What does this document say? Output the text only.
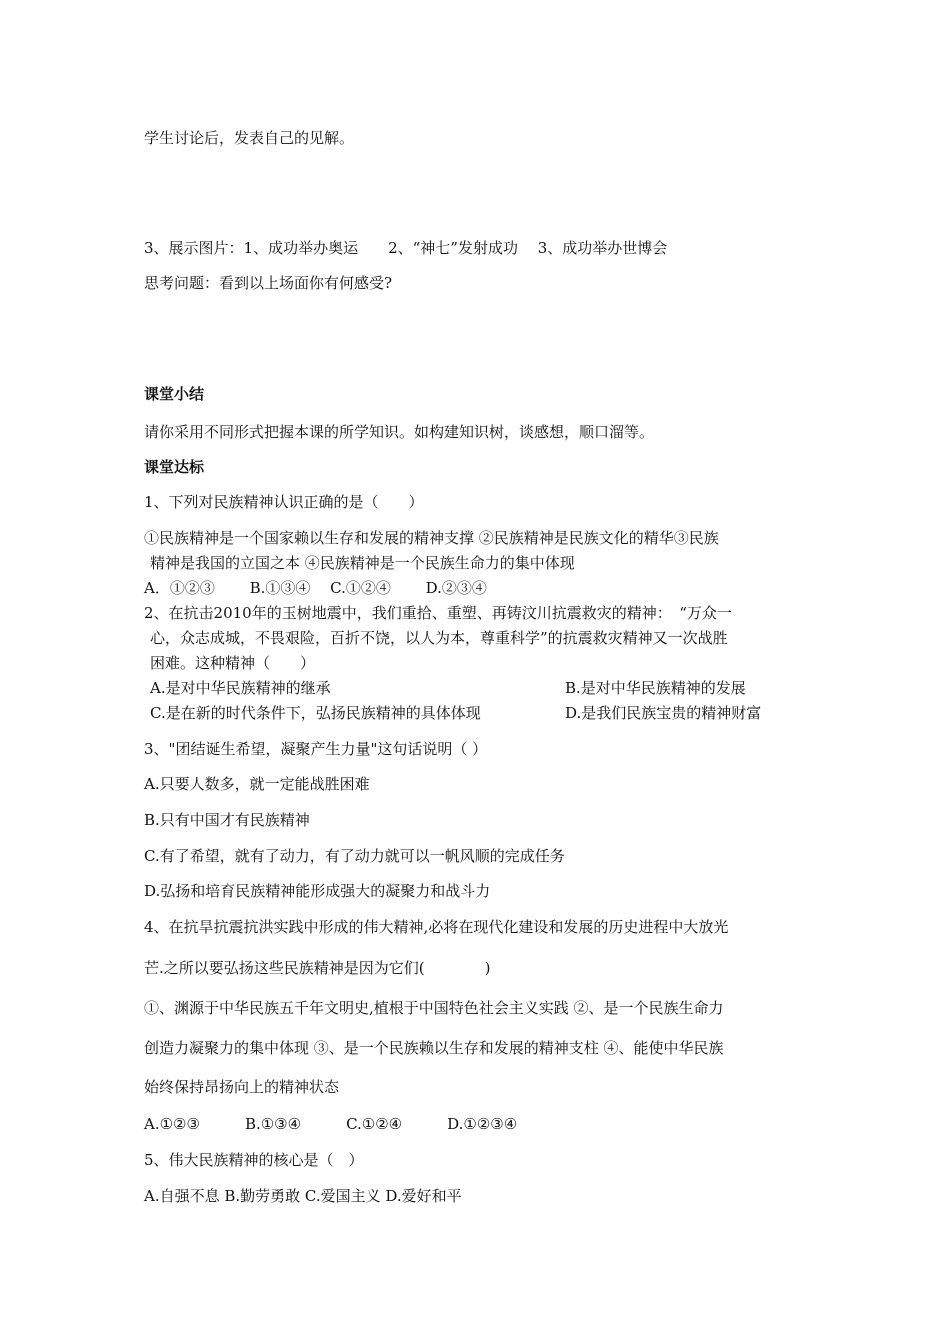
学生讨论后，发表自己的见解。
3、展示图片：1、成功举办奥运　　2、“神七”发射成功　 3、成功举办世博会
思考问题：看到以上场面你有何感受?
课堂小结
请你采用不同形式把握本课的所学知识。如构建知识树，谈感想，顺口溜等。
课堂达标
1、下列对民族精神认识正确的是（　　）
①民族精神是一个国家赖以生存和发展的精神支撑 ②民族精神是民族文化的精华③民族
精神是我国的立国之本 ④民族精神是一个民族生命力的集中体现
A．①②③　　 B.①③④　 C.①②④　　 D.②③④
2、在抗击2010年的玉树地震中，我们重拾、重塑、再铸汶川抗震救灾的精神：　“万众一
心，众志成城，不畏艰险，百折不饶，以人为本，尊重科学”的抗震救灾精神又一次战胜
困难。这种精神（　　）
A.是对中华民族精神的继承	B.是对中华民族精神的发展
C.是在新的时代条件下，弘扬民族精神的具体体现	D.是我们民族宝贵的精神财富
3、"团结诞生希望，凝聚产生力量"这句话说明（ ）
A.只要人数多，就一定能战胜困难
B.只有中国才有民族精神
C.有了希望，就有了动力，有了动力就可以一帆风顺的完成任务
D.弘扬和培育民族精神能形成强大的凝聚力和战斗力
4、在抗旱抗震抗洪实践中形成的伟大精神,必将在现代化建设和发展的历史进程中大放光
芒.之所以要弘扬这些民族精神是因为它们(　　　　)
①、渊源于中华民族五千年文明史,植根于中国特色社会主义实践 ②、是一个民族生命力
创造力凝聚力的集中体现 ③、是一个民族赖以生存和发展的精神支柱 ④、能使中华民族
始终保持昂扬向上的精神状态
A.①②③　　　B.①③④　　　C.①②④　　　D.①②③④
5、伟大民族精神的核心是（　）
A.自强不息 B.勤劳勇敢 C.爱国主义 D.爱好和平
